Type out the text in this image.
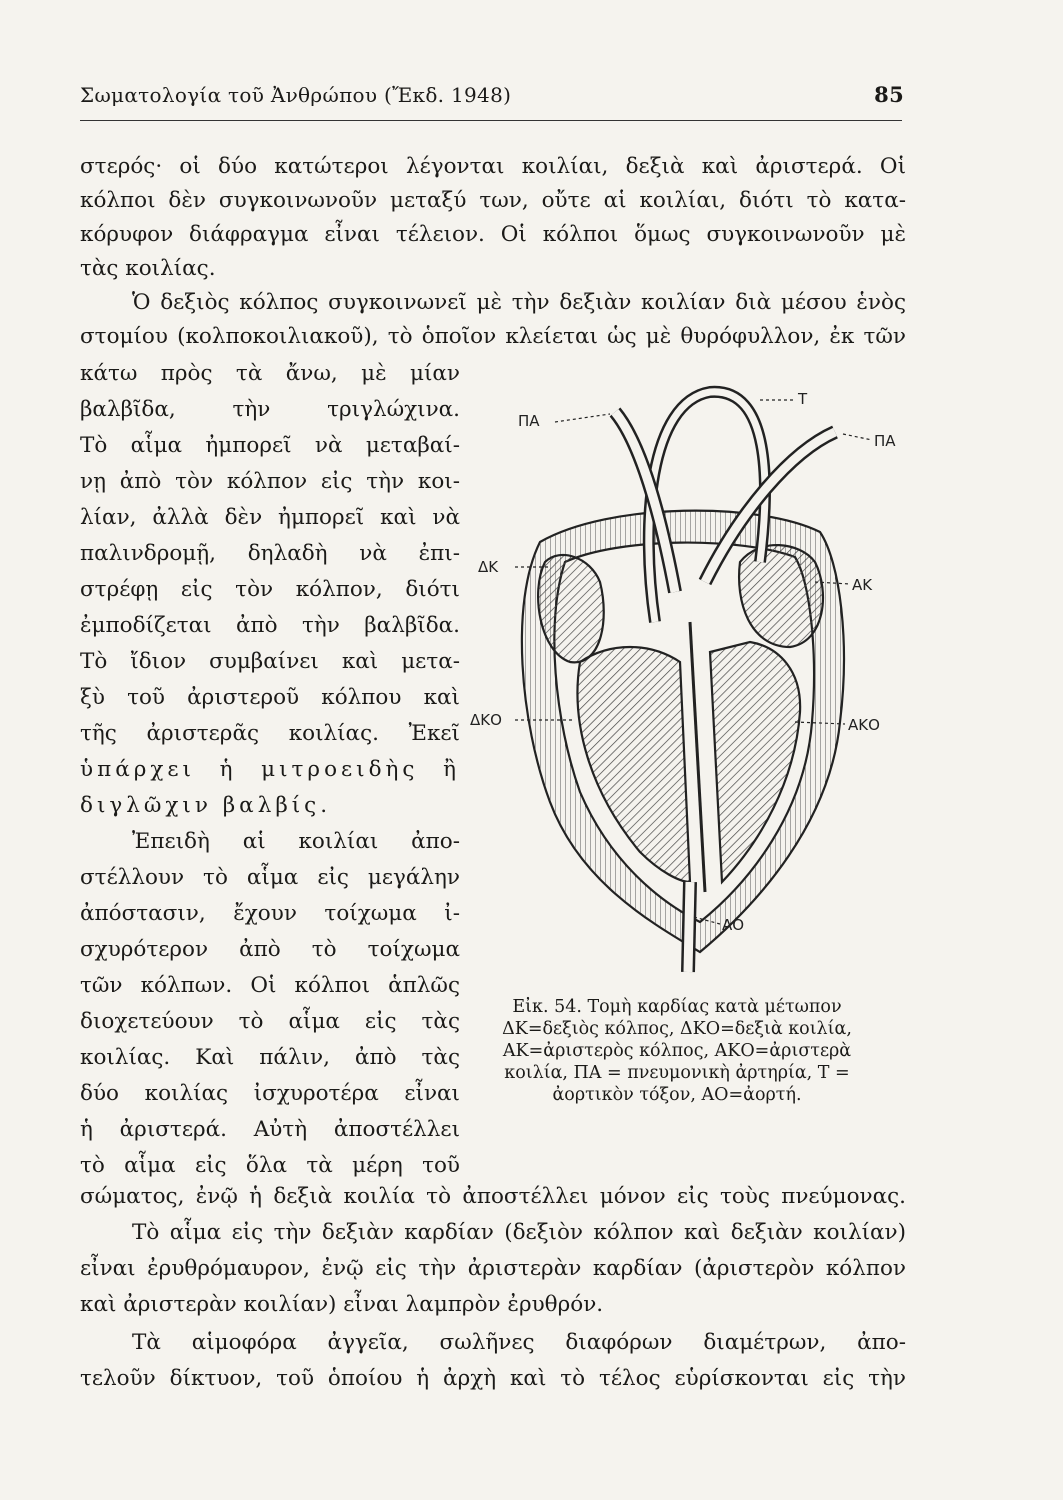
Σωματολογία τοῦ Ἀνθρώπου (Ἔκδ. 1948)	85
στερός· οἱ δύο κατώτεροι λέγονται κοιλίαι, δεξιὰ καὶ ἀριστερά. Οἱ
κόλποι δὲν συγκοινωνοῦν μεταξύ των, οὔτε αἱ κοιλίαι, διότι τὸ κατα-
κόρυφον διάφραγμα εἶναι τέλειον. Οἱ κόλποι ὅμως συγκοινωνοῦν μὲ
τὰς κοιλίας.
Ὁ δεξιὸς κόλπος συγκοινωνεῖ μὲ τὴν δεξιὰν κοιλίαν διὰ μέσου ἑνὸς
στομίου (κολποκοιλιακοῦ), τὸ ὁποῖον κλείεται ὡς μὲ θυρόφυλλον, ἐκ τῶν
κάτω πρὸς τὰ ἄνω, μὲ μίαν
βαλβῖδα, τὴν τριγλώχινα.
Τὸ αἷμα ἠμπορεῖ νὰ μεταβαί-
νῃ ἀπὸ τὸν κόλπον εἰς τὴν κοι-
λίαν, ἀλλὰ δὲν ἠμπορεῖ καὶ νὰ
παλινδρομῇ, δηλαδὴ νὰ ἐπι-
στρέφῃ εἰς τὸν κόλπον, διότι
ἐμποδίζεται ἀπὸ τὴν βαλβῖδα.
Τὸ ἴδιον συμβαίνει καὶ μετα-
ξὺ τοῦ ἀριστεροῦ κόλπου καὶ
τῆς ἀριστερᾶς κοιλίας. Ἐκεῖ
ὑπάρχει ἡ μιτροειδὴς ἢ
διγλῶχιν βαλβίς.
Ἐπειδὴ αἱ κοιλίαι ἀπο-
στέλλουν τὸ αἷμα εἰς μεγάλην
ἀπόστασιν, ἔχουν τοίχωμα ἰ-
σχυρότερον ἀπὸ τὸ τοίχωμα
τῶν κόλπων. Οἱ κόλποι ἁπλῶς
διοχετεύουν τὸ αἷμα εἰς τὰς
κοιλίας. Καὶ πάλιν, ἀπὸ τὰς
δύο κοιλίας ἰσχυροτέρα εἶναι
ἡ ἀριστερά. Αὐτὴ ἀποστέλλει
τὸ αἷμα εἰς ὅλα τὰ μέρη τοῦ
σώματος, ἐνῷ ἡ δεξιὰ κοιλία τὸ ἀποστέλλει μόνον εἰς τοὺς πνεύμονας.
Τὸ αἷμα εἰς τὴν δεξιὰν καρδίαν (δεξιὸν κόλπον καὶ δεξιὰν κοιλίαν)
εἶναι ἐρυθρόμαυρον, ἐνῷ εἰς τὴν ἀριστερὰν καρδίαν (ἀριστερὸν κόλπον
καὶ ἀριστερὰν κοιλίαν) εἶναι λαμπρὸν ἐρυθρόν.
Τὰ αἱμοφόρα ἀγγεῖα, σωλῆνες διαφόρων διαμέτρων, ἀπο-
τελοῦν δίκτυον, τοῦ ὁποίου ἡ ἀρχὴ καὶ τὸ τέλος εὑρίσκονται εἰς τὴν
ΠΑ
Τ
ΠΑ
ΔΚ
ΑΚ
ΔΚΟ	ΑΚΟ
ΑΟ
Εἰκ. 54. Τομὴ καρδίας κατὰ μέτωπον
ΔΚ=δεξιὸς κόλπος, ΔΚΟ=δεξιὰ κοιλία,
ΑΚ=ἀριστερὸς κόλπος, ΑΚΟ=ἀριστερὰ
κοιλία, ΠΑ = πνευμονικὴ ἀρτηρία, Τ =
ἀορτικὸν τόξον, ΑΟ=ἀορτή.
